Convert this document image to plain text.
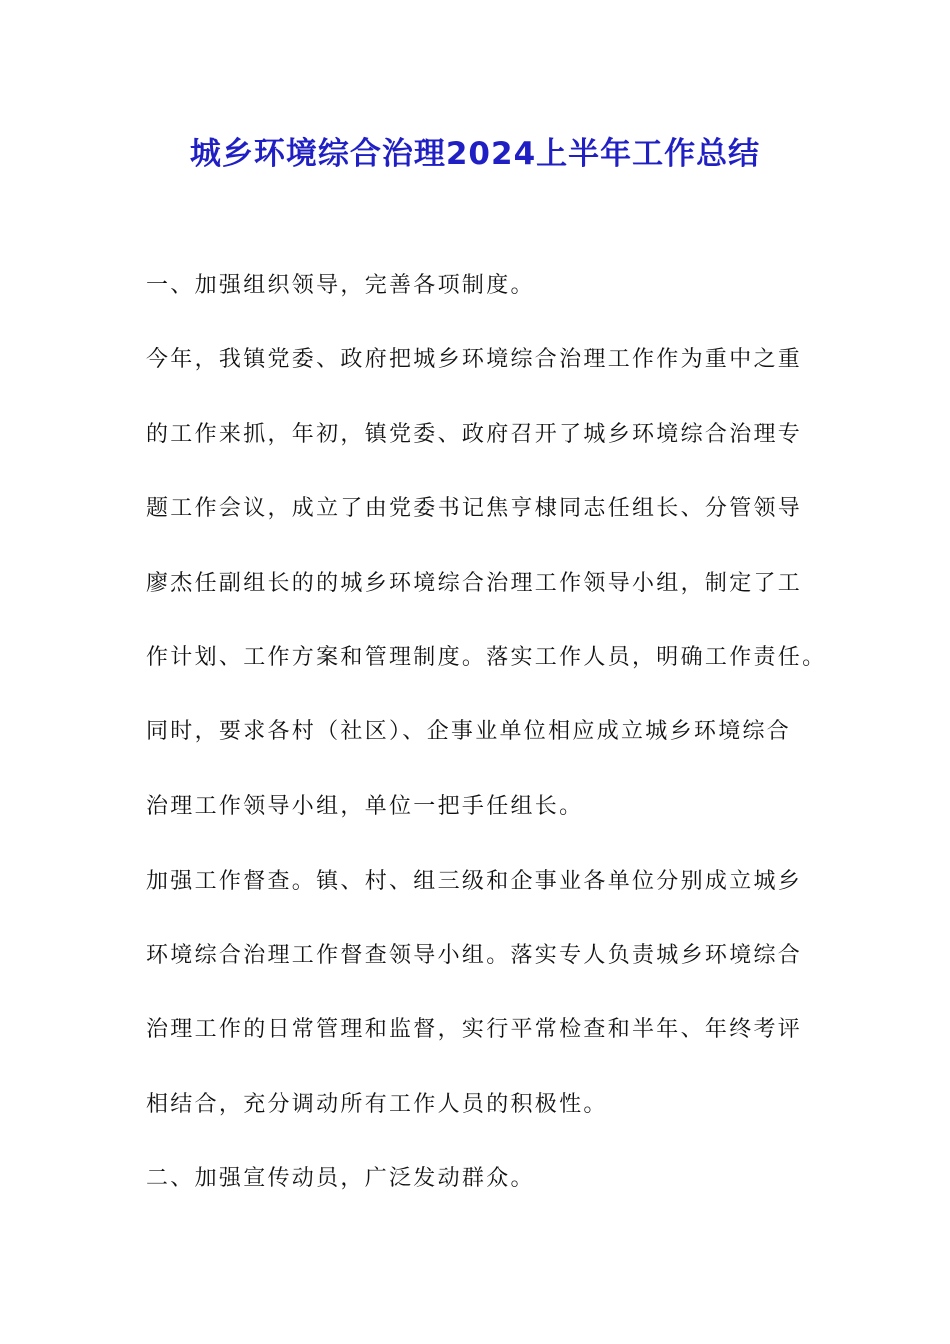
城乡环境综合治理2024上半年工作总结
一、加强组织领导，完善各项制度。
今年，我镇党委、政府把城乡环境综合治理工作作为重中之重
的工作来抓，年初，镇党委、政府召开了城乡环境综合治理专
题工作会议，成立了由党委书记焦亨棣同志任组长、分管领导
廖杰任副组长的的城乡环境综合治理工作领导小组，制定了工
作计划、工作方案和管理制度。落实工作人员，明确工作责任。
同时，要求各村（社区）、企事业单位相应成立城乡环境综合
治理工作领导小组，单位一把手任组长。
加强工作督查。镇、村、组三级和企事业各单位分别成立城乡
环境综合治理工作督查领导小组。落实专人负责城乡环境综合
治理工作的日常管理和监督，实行平常检查和半年、年终考评
相结合，充分调动所有工作人员的积极性。
二、加强宣传动员，广泛发动群众。
